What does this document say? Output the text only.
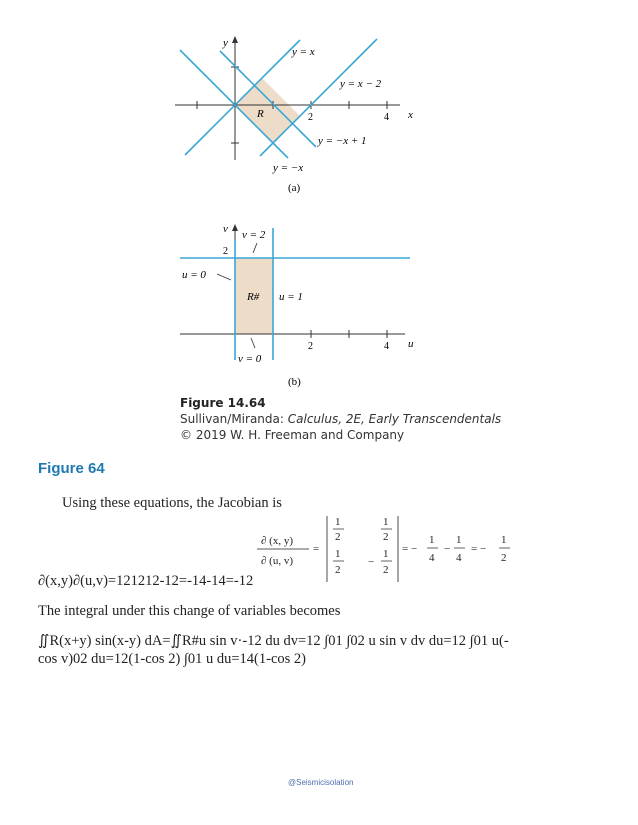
y
x
y = x
y = x − 2
y = −x + 1
y = −x
R	2	4
(a)
v
u
v = 2
2
u = 0
u = 1
R#
2	4
v = 0
(b)
Figure 14.64
Sullivan/Miranda: Calculus, 2E, Early Transcendentals
© 2019 W. H. Freeman and Company
Figure 64
Using these equations, the Jacobian is
∂ (x, y)
∂ (u, v)
=
1
2
1
2
1
2
−
1
2
= −
1
4
−
1
4
= −
1
2
∂(x,y)∂(u,v)=121212-12=-14-14=-12
The integral under this change of variables becomes
∬R(x+y) sin(x-y) dA=∬R#u sin v·-12 du dv=12 ∫01 ∫02 u sin v dv du=12 ∫01 u(-
cos v)02 du=12(1-cos 2) ∫01 u du=14(1-cos 2)
@Seismicisolation
